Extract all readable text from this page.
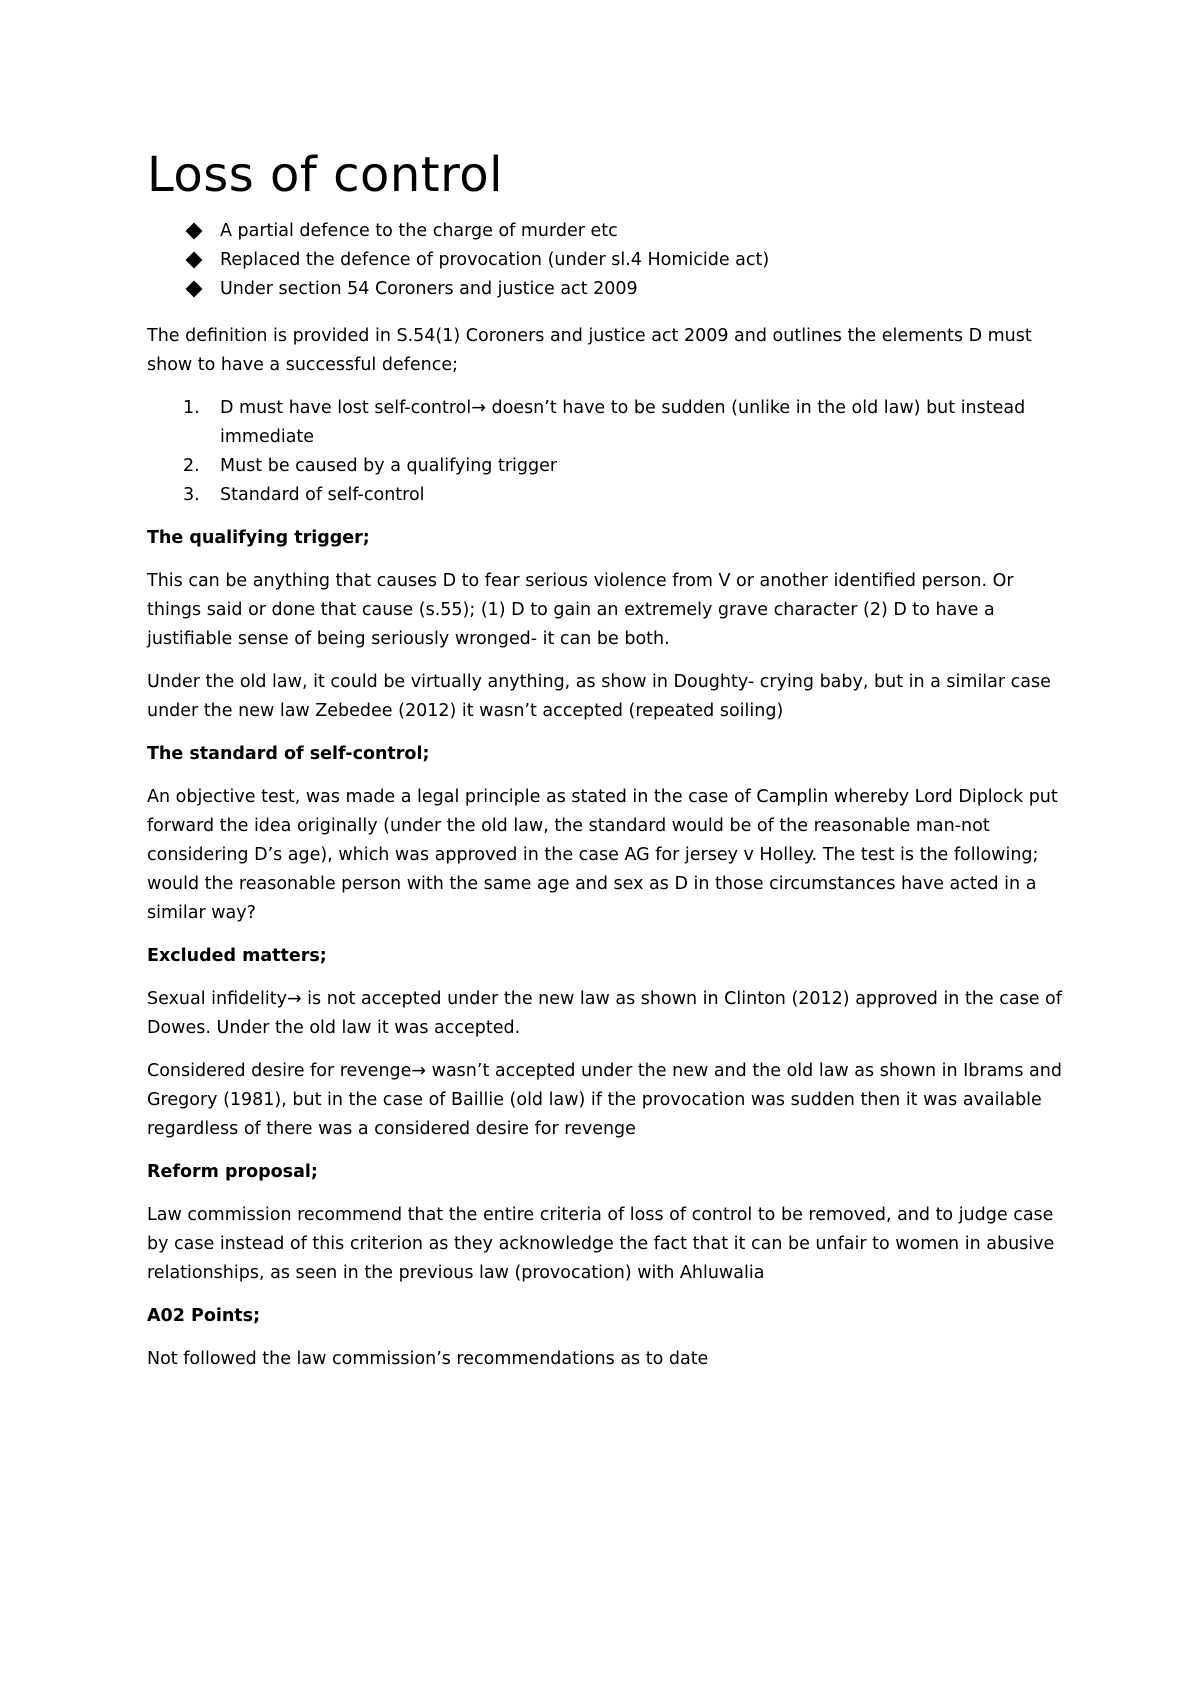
Loss of control
A partial defence to the charge of murder etc
Replaced the defence of provocation (under sl.4 Homicide act)
Under section 54 Coroners and justice act 2009

The definition is provided in S.54(1) Coroners and justice act 2009 and outlines the elements D must show to have a successful defence;

1. D must have lost self-control→ doesn’t have to be sudden (unlike in the old law) but instead immediate
2. Must be caused by a qualifying trigger
3. Standard of self-control

The qualifying trigger;

This can be anything that causes D to fear serious violence from V or another identified person. Or things said or done that cause (s.55); (1) D to gain an extremely grave character (2) D to have a justifiable sense of being seriously wronged- it can be both.

Under the old law, it could be virtually anything, as show in Doughty- crying baby, but in a similar case under the new law Zebedee (2012) it wasn’t accepted (repeated soiling)

The standard of self-control;

An objective test, was made a legal principle as stated in the case of Camplin whereby Lord Diplock put forward the idea originally (under the old law, the standard would be of the reasonable man-not considering D’s age), which was approved in the case AG for jersey v Holley. The test is the following; would the reasonable person with the same age and sex as D in those circumstances have acted in a similar way?

Excluded matters;

Sexual infidelity→ is not accepted under the new law as shown in Clinton (2012) approved in the case of Dowes. Under the old law it was accepted.

Considered desire for revenge→ wasn’t accepted under the new and the old law as shown in Ibrams and Gregory (1981), but in the case of Baillie (old law) if the provocation was sudden then it was available regardless of there was a considered desire for revenge

Reform proposal;

Law commission recommend that the entire criteria of loss of control to be removed, and to judge case by case instead of this criterion as they acknowledge the fact that it can be unfair to women in abusive relationships, as seen in the previous law (provocation) with Ahluwalia

A02 Points;

Not followed the law commission’s recommendations as to date
